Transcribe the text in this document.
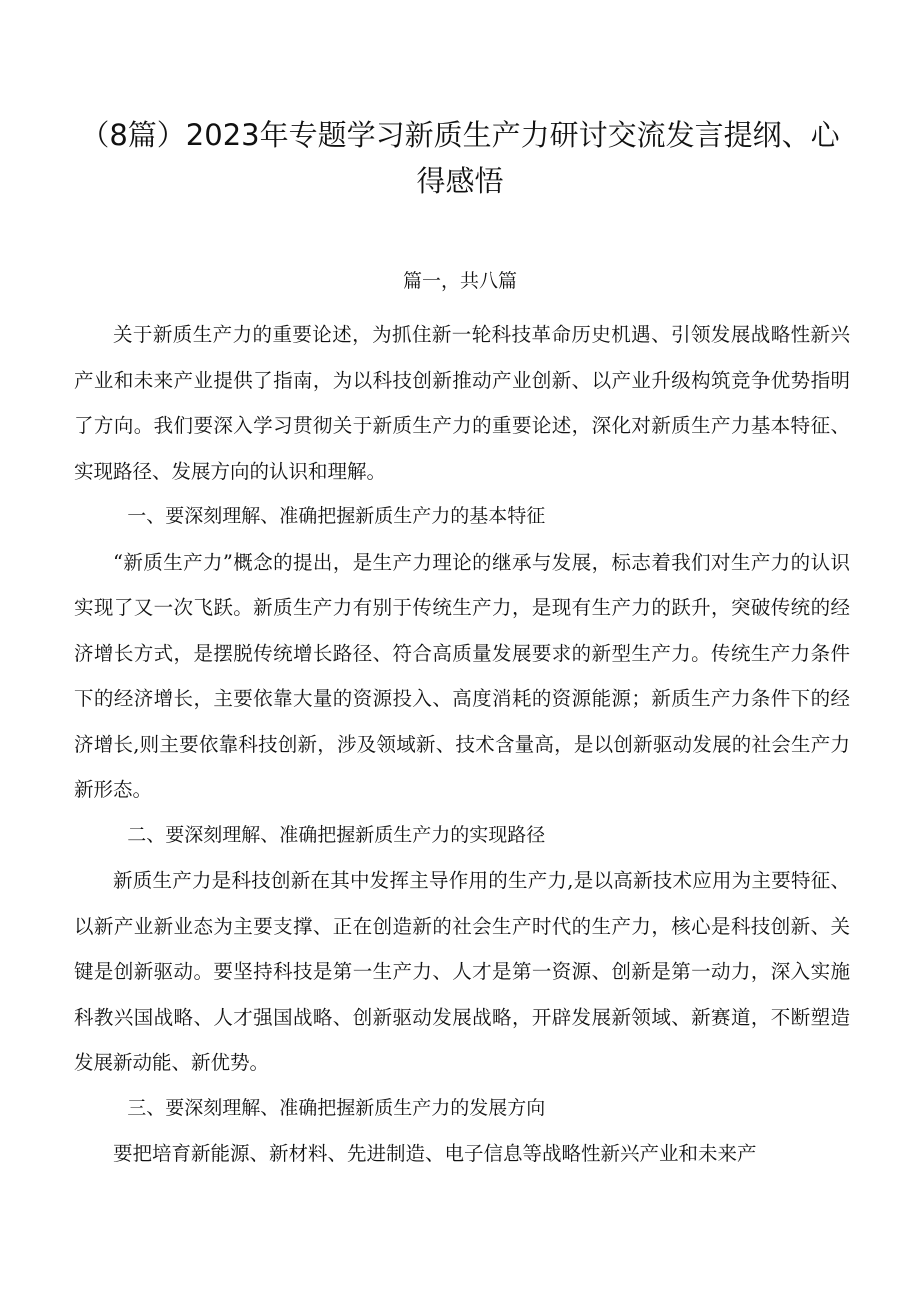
（8篇）2023年专题学习新质生产力研讨交流发言提纲、心得感悟
篇一，共八篇

关于新质生产力的重要论述，为抓住新一轮科技革命历史机遇、引领发展战略性新兴产业和未来产业提供了指南，为以科技创新推动产业创新、以产业升级构筑竞争优势指明了方向。我们要深入学习贯彻关于新质生产力的重要论述，深化对新质生产力基本特征、实现路径、发展方向的认识和理解。

一、要深刻理解、准确把握新质生产力的基本特征

“新质生产力”概念的提出，是生产力理论的继承与发展，标志着我们对生产力的认识实现了又一次飞跃。新质生产力有别于传统生产力，是现有生产力的跃升，突破传统的经济增长方式，是摆脱传统增长路径、符合高质量发展要求的新型生产力。传统生产力条件下的经济增长，主要依靠大量的资源投入、高度消耗的资源能源；新质生产力条件下的经济增长,则主要依靠科技创新，涉及领域新、技术含量高，是以创新驱动发展的社会生产力新形态。

二、要深刻理解、准确把握新质生产力的实现路径

新质生产力是科技创新在其中发挥主导作用的生产力,是以高新技术应用为主要特征、以新产业新业态为主要支撑、正在创造新的社会生产时代的生产力，核心是科技创新、关键是创新驱动。要坚持科技是第一生产力、人才是第一资源、创新是第一动力，深入实施科教兴国战略、人才强国战略、创新驱动发展战略，开辟发展新领域、新赛道，不断塑造发展新动能、新优势。

三、要深刻理解、准确把握新质生产力的发展方向

要把培育新能源、新材料、先进制造、电子信息等战略性新兴产业和未来产
